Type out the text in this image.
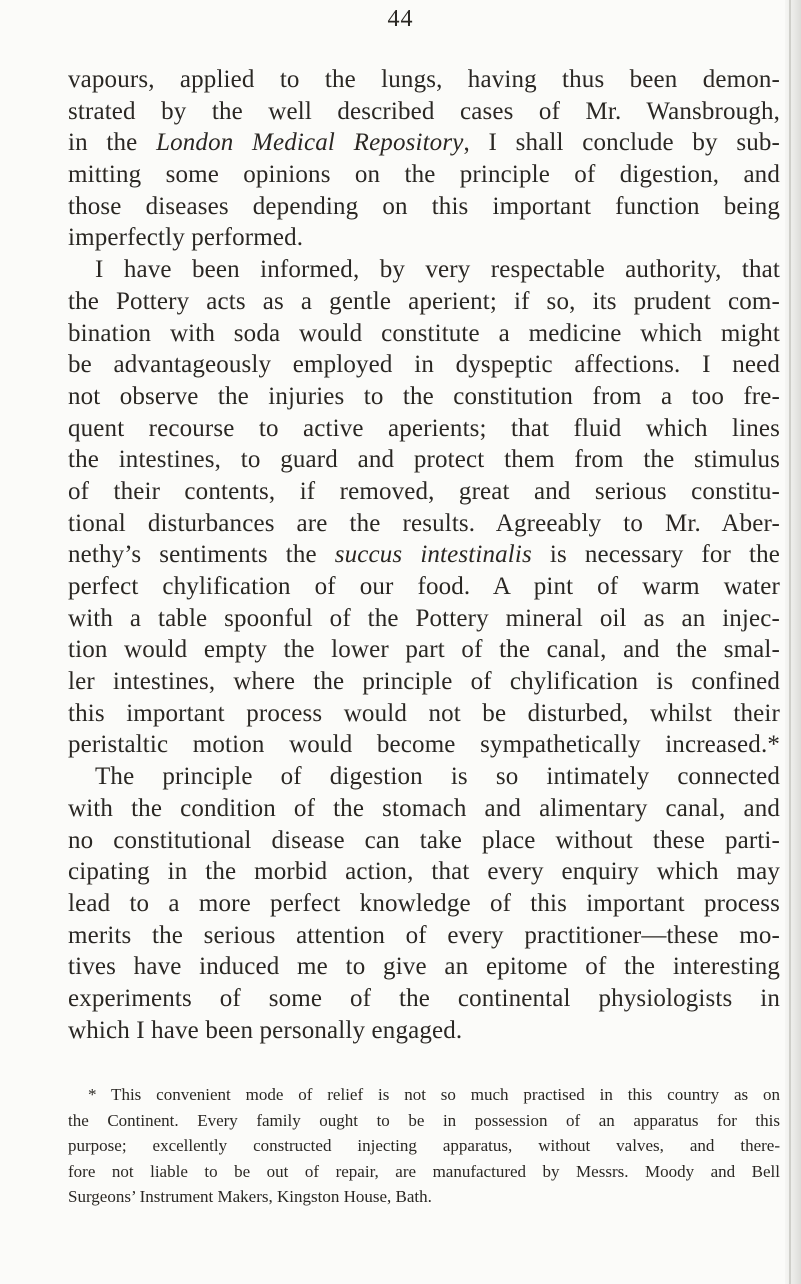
44
vapours, applied to the lungs, having thus been demon-
strated by the well described cases of Mr. Wansbrough,
in the London Medical Repository, I shall conclude by sub-
mitting some opinions on the principle of digestion, and
those diseases depending on this important function being
imperfectly performed.
I have been informed, by very respectable authority, that
the Pottery acts as a gentle aperient; if so, its prudent com-
bination with soda would constitute a medicine which might
be advantageously employed in dyspeptic affections. I need
not observe the injuries to the constitution from a too fre-
quent recourse to active aperients; that fluid which lines
the intestines, to guard and protect them from the stimulus
of their contents, if removed, great and serious constitu-
tional disturbances are the results. Agreeably to Mr. Aber-
nethy’s sentiments the succus intestinalis is necessary for the
perfect chylification of our food. A pint of warm water
with a table spoonful of the Pottery mineral oil as an injec-
tion would empty the lower part of the canal, and the smal-
ler intestines, where the principle of chylification is confined
this important process would not be disturbed, whilst their
peristaltic motion would become sympathetically increased.*
The principle of digestion is so intimately connected
with the condition of the stomach and alimentary canal, and
no constitutional disease can take place without these parti-
cipating in the morbid action, that every enquiry which may
lead to a more perfect knowledge of this important process
merits the serious attention of every practitioner—these mo-
tives have induced me to give an epitome of the interesting
experiments of some of the continental physiologists in
which I have been personally engaged.
* This convenient mode of relief is not so much practised in this country as on
the Continent. Every family ought to be in possession of an apparatus for this
purpose; excellently constructed injecting apparatus, without valves, and there-
fore not liable to be out of repair, are manufactured by Messrs. Moody and Bell
Surgeons’ Instrument Makers, Kingston House, Bath.
